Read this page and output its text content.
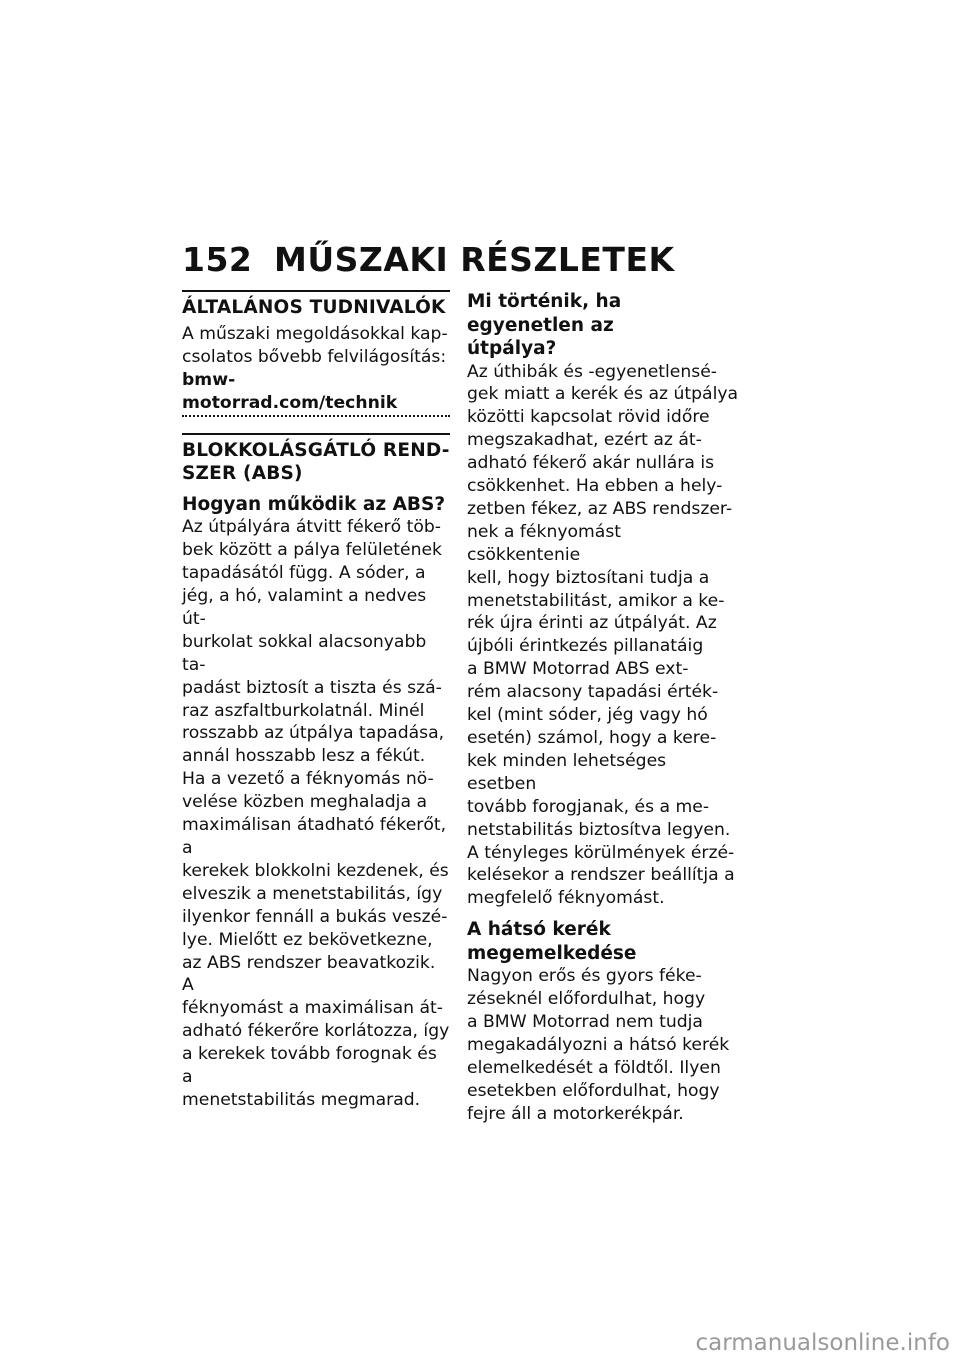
152 MŰSZAKI RÉSZLETEK
ÁLTALÁNOS TUDNIVALÓK

A műszaki megoldásokkal kap-
csolatos bővebb felvilágosítás:

bmw-motorrad.com/technik
BLOKKOLÁSGÁTLÓ REND-
SZER (ABS)
Hogyan működik az ABS?

Az útpályára átvitt fékerő töb-
bek között a pálya felületének
tapadásától függ. A sóder, a
jég, a hó, valamint a nedves út-
burkolat sokkal alacsonyabb ta-
padást biztosít a tiszta és szá-
raz aszfaltburkolatnál. Minél
rosszabb az útpálya tapadása,
annál hosszabb lesz a fékút.

Ha a vezető a féknyomás nö-
velése közben meghaladja a
maximálisan átadható fékerőt, a
kerekek blokkolni kezdenek, és
elveszik a menetstabilitás, így
ilyenkor fennáll a bukás veszé-
lye. Mielőtt ez bekövetkezne,
az ABS rendszer beavatkozik. A
féknyomást a maximálisan át-
adható fékerőre korlátozza, így
a kerekek tovább forognak és a
menetstabilitás megmarad.

Mi történik, ha egyenetlen az
útpálya?

Az úthibák és -egyenetlensé-
gek miatt a kerék és az útpálya
közötti kapcsolat rövid időre
megszakadhat, ezért az át-
adható fékerő akár nullára is
csökkenhet. Ha ebben a hely-
zetben fékez, az ABS rendszer-
nek a féknyomást csökkentenie
kell, hogy biztosítani tudja a
menetstabilitást, amikor a ke-
rék újra érinti az útpályát. Az
újbóli érintkezés pillanatáig
a BMW Motorrad ABS ext-
rém alacsony tapadási érték-
kel (mint sóder, jég vagy hó
esetén) számol, hogy a kere-
kek minden lehetséges esetben
tovább forogjanak, és a me-
netstabilitás biztosítva legyen.

A tényleges körülmények érzé-
kelésekor a rendszer beállítja a
megfelelő féknyomást.

A hátsó kerék
megemelkedése

Nagyon erős és gyors féke-
zéseknél előfordulhat, hogy
a BMW Motorrad nem tudja
megakadályozni a hátsó kerék
elemelkedését a földtől. Ilyen
esetekben előfordulhat, hogy
fejre áll a motorkerékpár.

carmanualsonline.info
